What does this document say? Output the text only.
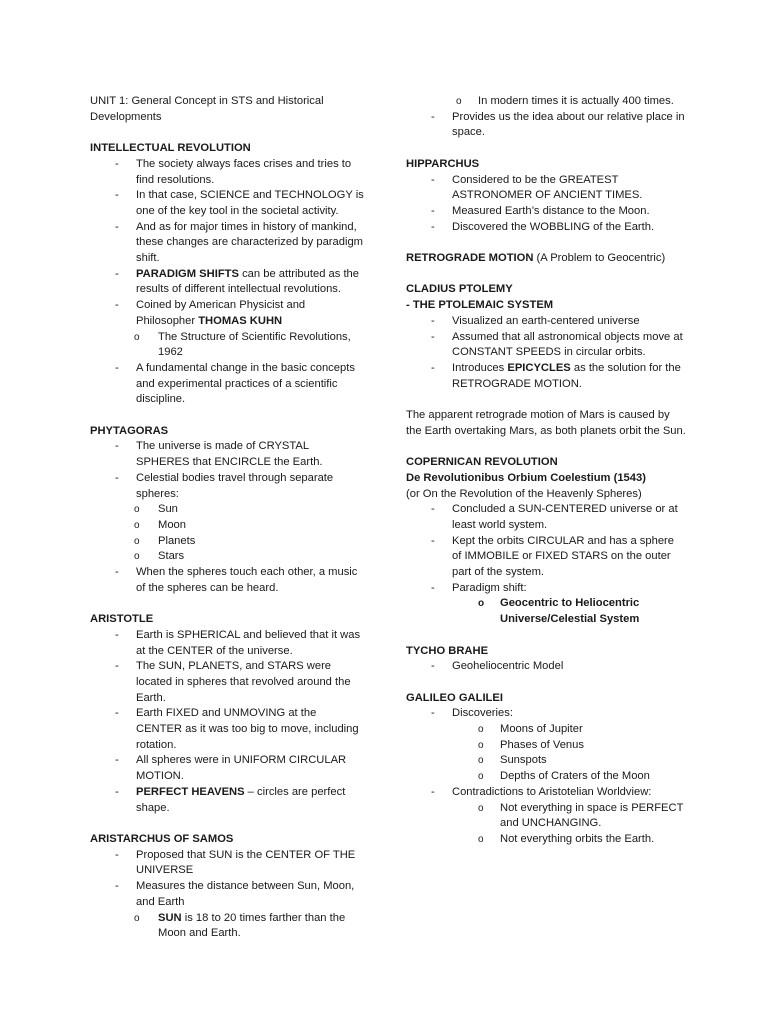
UNIT 1: General Concept in STS and Historical Developments

INTELLECTUAL REVOLUTION

- The society always faces crises and tries to find resolutions.
- In that case, SCIENCE and TECHNOLOGY is one of the key tool in the societal activity.
- And as for major times in history of mankind, these changes are characterized by paradigm shift.
- PARADIGM SHIFTS can be attributed as the results of different intellectual revolutions.
- Coined by American Physicist and Philosopher THOMAS KUHN
o The Structure of Scientific Revolutions, 1962
- A fundamental change in the basic concepts and experimental practices of a scientific discipline.

PHYTAGORAS

- The universe is made of CRYSTAL SPHERES that ENCIRCLE the Earth.
- Celestial bodies travel through separate spheres:
o Sun
o Moon
o Planets
o Stars
- When the spheres touch each other, a music of the spheres can be heard.

ARISTOTLE

- Earth is SPHERICAL and believed that it was at the CENTER of the universe.
- The SUN, PLANETS, and STARS were located in spheres that revolved around the Earth.
- Earth FIXED and UNMOVING at the CENTER as it was too big to move, including rotation.
- All spheres were in UNIFORM CIRCULAR MOTION.
- PERFECT HEAVENS – circles are perfect shape.

ARISTARCHUS OF SAMOS

- Proposed that SUN is the CENTER OF THE UNIVERSE
- Measures the distance between Sun, Moon, and Earth
o SUN is 18 to 20 times farther than the Moon and Earth.
o In modern times it is actually 400 times.
- Provides us the idea about our relative place in space.

HIPPARCHUS

- Considered to be the GREATEST ASTRONOMER OF ANCIENT TIMES.
- Measured Earth’s distance to the Moon.
- Discovered the WOBBLING of the Earth.

RETROGRADE MOTION (A Problem to Geocentric)

CLADIUS PTOLEMY

- THE PTOLEMAIC SYSTEM

- Visualized an earth-centered universe
- Assumed that all astronomical objects move at CONSTANT SPEEDS in circular orbits.
- Introduces EPICYCLES as the solution for the RETROGRADE MOTION.

The apparent retrograde motion of Mars is caused by the Earth overtaking Mars, as both planets orbit the Sun.

COPERNICAN REVOLUTION

De Revolutionibus Orbium Coelestium (1543)

(or On the Revolution of the Heavenly Spheres)

- Concluded a SUN-CENTERED universe or at least world system.
- Kept the orbits CIRCULAR and has a sphere of IMMOBILE or FIXED STARS on the outer part of the system.
- Paradigm shift:
o Geocentric to Heliocentric Universe/Celestial System

TYCHO BRAHE

- Geoheliocentric Model

GALILEO GALILEI

- Discoveries:
o Moons of Jupiter
o Phases of Venus
o Sunspots
o Depths of Craters of the Moon
- Contradictions to Aristotelian Worldview:
o Not everything in space is PERFECT and UNCHANGING.
o Not everything orbits the Earth.
